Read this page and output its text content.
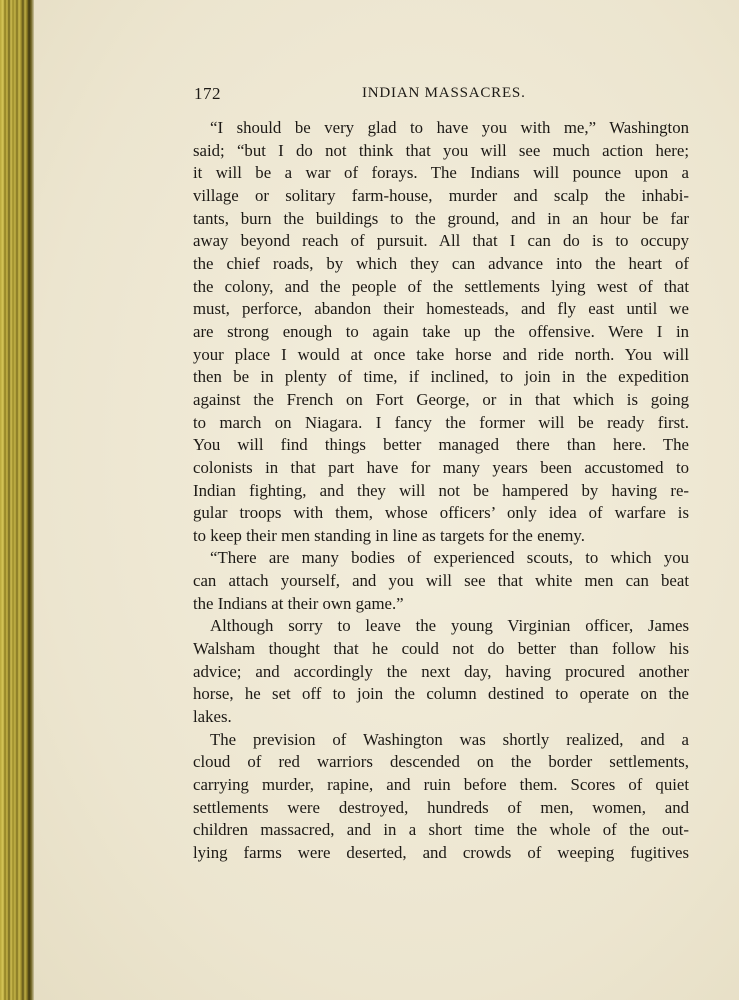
172	INDIAN MASSACRES.
“I should be very glad to have you with me,” Washington
said; “but I do not think that you will see much action here;
it will be a war of forays. The Indians will pounce upon a
village or solitary farm-house, murder and scalp the inhabi-
tants, burn the buildings to the ground, and in an hour be far
away beyond reach of pursuit. All that I can do is to occupy
the chief roads, by which they can advance into the heart of
the colony, and the people of the settlements lying west of that
must, perforce, abandon their homesteads, and fly east until we
are strong enough to again take up the offensive. Were I in
your place I would at once take horse and ride north. You will
then be in plenty of time, if inclined, to join in the expedition
against the French on Fort George, or in that which is going
to march on Niagara. I fancy the former will be ready first.
You will find things better managed there than here. The
colonists in that part have for many years been accustomed to
Indian fighting, and they will not be hampered by having re-
gular troops with them, whose officers’ only idea of warfare is
to keep their men standing in line as targets for the enemy.
“There are many bodies of experienced scouts, to which you
can attach yourself, and you will see that white men can beat
the Indians at their own game.”
Although sorry to leave the young Virginian officer, James
Walsham thought that he could not do better than follow his
advice; and accordingly the next day, having procured another
horse, he set off to join the column destined to operate on the
lakes.
The prevision of Washington was shortly realized, and a
cloud of red warriors descended on the border settlements,
carrying murder, rapine, and ruin before them. Scores of quiet
settlements were destroyed, hundreds of men, women, and
children massacred, and in a short time the whole of the out-
lying farms were deserted, and crowds of weeping fugitives
